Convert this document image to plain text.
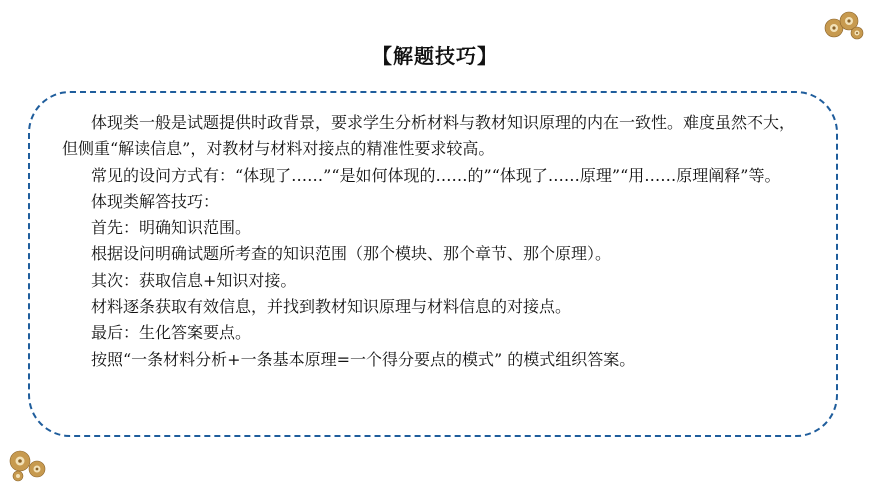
【解题技巧】

体现类一般是试题提供时政背景，要求学生分析材料与教材知识原理的内在一致性。难度虽然不大，但侧重“解读信息”，对教材与材料对接点的精准性要求较高。

常见的设问方式有：“体现了……”“是如何体现的……的”“体现了……原理”“用……原理阐释”等。

体现类解答技巧：

首先：明确知识范围。

根据设问明确试题所考查的知识范围（那个模块、那个章节、那个原理）。

其次：获取信息+知识对接。

材料逐条获取有效信息，并找到教材知识原理与材料信息的对接点。

最后：生化答案要点。

按照“一条材料分析+一条基本原理=一个得分要点的模式” 的模式组织答案。
